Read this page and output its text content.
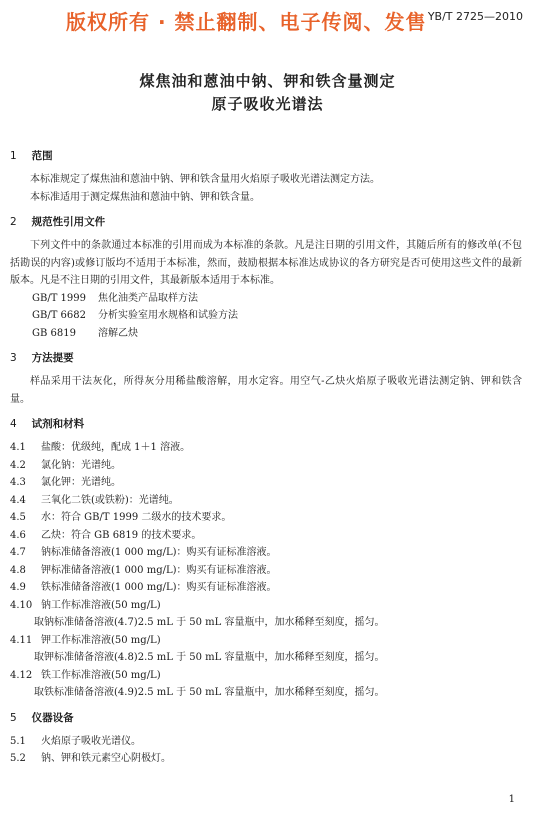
版权所有 · 禁止翻制、电子传阅、发售 YB/T 2725—2010
煤焦油和蒽油中钠、钾和铁含量测定
原子吸收光谱法
1 范围

本标准规定了煤焦油和蒽油中钠、钾和铁含量用火焰原子吸收光谱法测定方法。

本标准适用于测定煤焦油和蒽油中钠、钾和铁含量。

2 规范性引用文件

下列文件中的条款通过本标准的引用而成为本标准的条款。凡是注日期的引用文件，其随后所有的修改单(不包括勘误的内容)或修订版均不适用于本标准，然而，鼓励根据本标准达成协议的各方研究是否可使用这些文件的最新版本。凡是不注日期的引用文件，其最新版本适用于本标准。

GB/T 1999 焦化油类产品取样方法

GB/T 6682 分析实验室用水规格和试验方法

GB 6819 溶解乙炔

3 方法提要

样品采用干法灰化，所得灰分用稀盐酸溶解，用水定容。用空气-乙炔火焰原子吸收光谱法测定钠、钾和铁含量。

4 试剂和材料

4.1 盐酸：优级纯，配成 1＋1 溶液。

4.2 氯化钠：光谱纯。

4.3 氯化钾：光谱纯。

4.4 三氧化二铁(或铁粉)：光谱纯。

4.5 水：符合 GB/T 1999 二级水的技术要求。

4.6 乙炔：符合 GB 6819 的技术要求。

4.7 钠标准储备溶液(1 000 mg/L)：购买有证标准溶液。

4.8 钾标准储备溶液(1 000 mg/L)：购买有证标准溶液。

4.9 铁标准储备溶液(1 000 mg/L)：购买有证标准溶液。

4.10 钠工作标准溶液(50 mg/L)

取钠标准储备溶液(4.7)2.5 mL 于 50 mL 容量瓶中，加水稀释至刻度，摇匀。

4.11 钾工作标准溶液(50 mg/L)

取钾标准储备溶液(4.8)2.5 mL 于 50 mL 容量瓶中，加水稀释至刻度，摇匀。

4.12 铁工作标准溶液(50 mg/L)

取铁标准储备溶液(4.9)2.5 mL 于 50 mL 容量瓶中，加水稀释至刻度，摇匀。

5 仪器设备

5.1 火焰原子吸收光谱仪。

5.2 钠、钾和铁元素空心阴极灯。

1
